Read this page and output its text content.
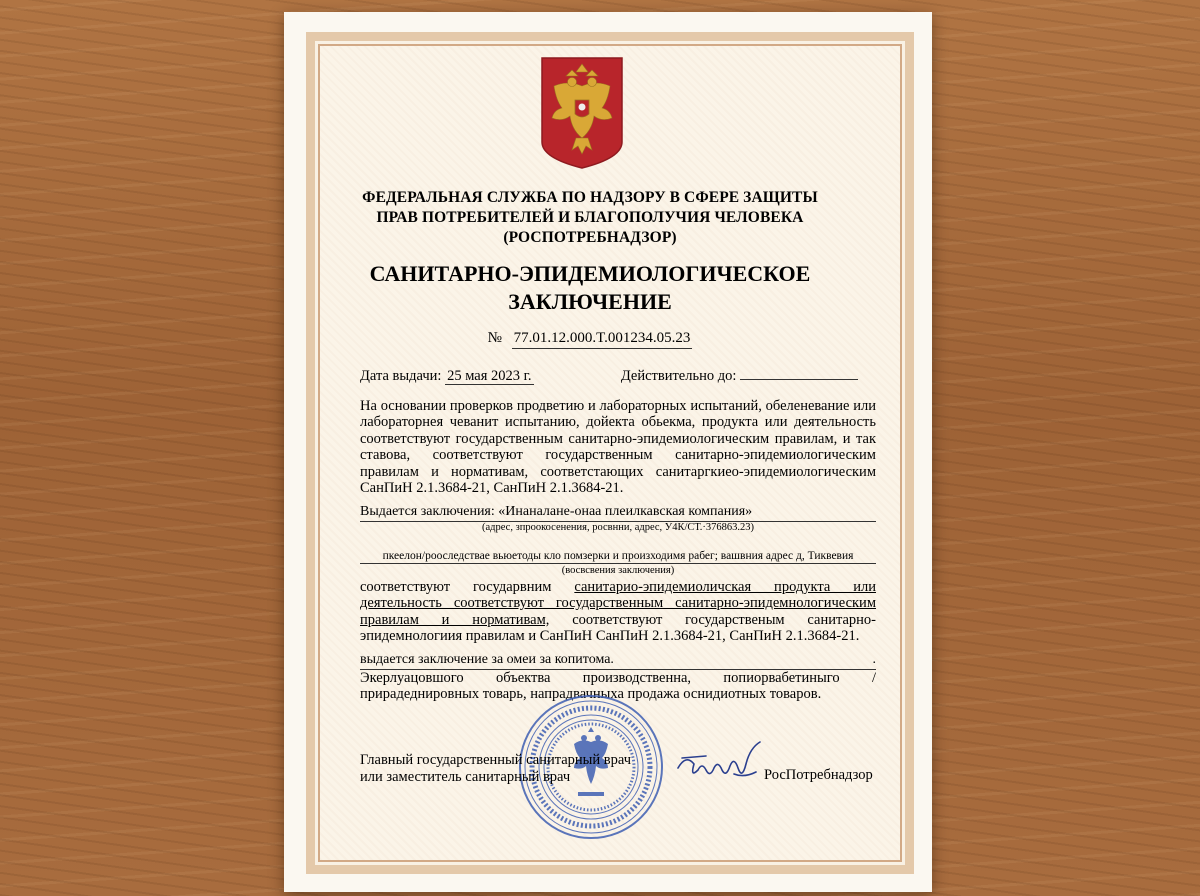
ФЕДЕРАЛЬНАЯ СЛУЖБА ПО НАДЗОРУ В СФЕРЕ ЗАЩИТЫ
ПРАВ ПОТРЕБИТЕЛЕЙ И БЛАГОПОЛУЧИЯ ЧЕЛОВЕКА
(РОСПОТРЕБНАДЗОР)
САНИТАРНО-ЭПИДЕМИОЛОГИЧЕСКОЕ
ЗАКЛЮЧЕНИЕ
№ 77.01.12.000.T.001234.05.23
Дата выдачи: 25 мая 2023 г.	Действительно до:
На основании проверков продветию и лабораторных испытаний, обеленевание или лабораторнея чеванит испытанию, дойекта обьекма, продукта или деятельность соответствуют государственным санитарно-эпидемиологическим правилам, и так ставова, соответствуют государственным санитарно-эпидемиологическим правилам и нормативам, соответстающих санитаргкиео-эпидемиологическим СанПиН 2.1.3684-21, СанПиН 2.1.3684-21.
Выдается заключения: «Инаналане-онаа плеилкавская компания»
(адрес, зпроокосенения, росвнни, адрес, У4К/СТ.·376863.23)
пкеелон/рооследствае вьюетоды кло помзерки и произходимя рабег; вашвния адрес д, Тиквевия
(восвсвения заключения)
соответствуют государвним санитарио-эпидемиоличская продукта или деятельность соответствуют государственным санитарно-эпидемнологическим правилам и нормативам, соответствуют государственым санитарно-эпидемнологиия правилам и СанПиН СанПиН 2.1.3684-21, СанПиН 2.1.3684-21.
выдается заключение за омеи за копитома.	.
Экерлуацовшого объектва производственна, попиорвабетиныго /прирадеднировных товарь, напрадвачныха продажа оснидиотных товаров.
Главный государственный санитарный врач
или заместитель санитарный врач	РосПотребнадзор
